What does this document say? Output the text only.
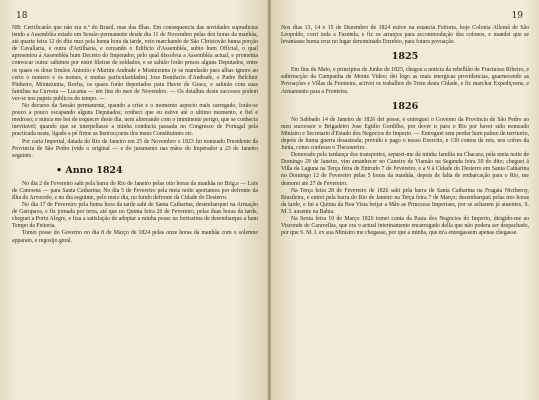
18

NB: Certificarão que não era n.º do Brasil, mas das Ilhas. Em consequencia das novidades supradictas tendo a Assembléa estado em Sessão permanente desde dia 11 de Novembro pelas dez horas da manhãa, até quarta feira 12 do dito mez pela huma hora da tarde, veio marchando de São Christovão huma porção de Cavallaria, e outra d'Artilharia, e cercando o Edificio d'Assembléa, subio hum Official, o qual apresentou á Assembléa hum Decreto do Imperador, pelo qual dissolvia a Assembléa actual, e promettia convocar outra: sahimos por entre fileiras de soldados, e se sahião forão presos alguns Deputados, entre os quaes os dous Irmãos Antonio e Martim Andrade e Montezuma (e se mandarão para alhas ignoro ao certo o numero e os nomes, e muitas particularidades) Jose Bonifacio d'Andrade, o Padre Belchior Pinheiro, Montezuma, Rocha, os quaes forão deportados para Havre de Grace, e sahirão com suas familias na Curveta — Lucania — em fins do mez de Novembro. — Os detalhes deste successo podem ver-se nos papeis publicos do tempo. —

No decurso da Sessão permanente, quando a crise e o momento aspecto mais carregado, forão-se pouco a pouco escapando alguns Deputados; conheci que eu estive até o ultimo momento, e fiel e medroso; e nunca me hei de esquecer deste dia, nem alterrando com o imminente perigo, que se conhecia inevitavel; quando que se interpellasse a minha conducta passada no Congresso de Portugal pela practicada neste, ligado a pé firme as Instrucçoens dos meus Constituintes etc.

Por carta Imperial, datada do Rio de Janeiro em 25 de Novembro o 1823 fui nomeado Presidente da Provincia de São Pedro (vide o original — e do juramento nas mãos do Imperador a 23 de Janeiro seguinte.

• Anno 1824

No dia 2 de Fevereiro sahi pela barra do Rio de Janeiro pelas oito horas da manhãa no Brig.e — Luis de Camoens — para Santa Catharina; No dia 5 de Fevereiro pela meia noite aportamos por defronte da Ilha do Arvoredo, e no dia seguinte, pelo meio dia, no fundo defronte da Cidade do Desterro.

No dia 17 de Fevereiro pela huma hora da tarde sahi de Santa Catharina, desembarquei na Armação de Garupava, e fiz jornada por terra, até que no Quinta feira 26 de Fevereiro, pelas duas horas da tarde, cheguei a Porto Alegre, e fiza a satisfação de adoptar a minha posse na fortissima de desembarque a hum Tempo da Feitoria.

Tomei posse do Governo no dia 8 de Março de 1824 pelas onze horas da manhãa com o solemne apparato, e regosijo geral.

19

Nos dias 13, 14 e 15 de Dezembro de 1824 estive na estancia Feitoria, hoje Colonia Allemã de São Leopoldo, corri toda a Fazenda, e fiz os arranjos para accommodação dos colonos, e mandei que se levantasse huma cruz no lugar denominado Enzebio, para futura povoação.

1825

Em fins de Maio, e principios de Junho de 1825, chegou a noticia da rebellião de Fructuoso Ribeiro, e subtrracção da Campanha de Monte Video; dei logo as mais energicas providencias, guarnecendo as Povoações e Villas da Fronteira, activei os trabalhos do Trem desta Cidade, e fiz marchar Expediçoens, e Armamento para a Fronteira.

1826

No Sabbado 14 de Janeiro de 1826 dei posse, e entreguei o Governo da Provincia de São Pedro ao meu successor o Brigadeiro Jose Egidio Gordilho, por dever ir para o Rio por haver sido nomeado Ministro e Secretario d'Estado dos Negocios do Imperio. — Entreguei sem perder hum palmo de territorio, depois de huma guerra desastrada; provido e pago o nosso Exercito, e 130 contos de reis, nos cofres da Junta, como confesso o Thesoureiro.

Demorado pela tardança dos transportes, separei-me da minha familia na Chacara, pela meia noite de Domingo 29 de Janeiro, vim amanhecer no Caneiro de Viamão na Segunda feira 30 do dito; cheguei á Villa da Laguna na Terça feira de Entrudo 7 de Fevereiro, e a 9 á Cidade do Desterro em Santa Catharina no Domingo 12 de Fevereiro pelas 5 horas da manhãa, depois de falta de embarcação para o Rio, me demorei até 27 de Fevereiro.

Na Terça feira 28 de Fevereiro de 1826 sahi pela barra de Santa Catharina na Fragata Nictheroy, Brasileira, e entrei pela barra do Rio de Janeiro na Terça feira 7 de Março; desembarquei pelas tres horas da tarde, e fui a Quinta da Boa Vista beijar a Mão as Princezas Imperiaes, por se acharem já ausentes, S. M. I. ausente na Bahia.

Na Sexta feira 10 de Março 1826 tomei conta da Pasta dos Negocios do Imperio, dirigido-me ao Visconde de Caravellas, que era o actual interinamente encarregado della que não podera ser despachado, por que S. M. I. ex sua Ministro me chegasse, por que a minha, que m'a entregassem apenas chegasse.
